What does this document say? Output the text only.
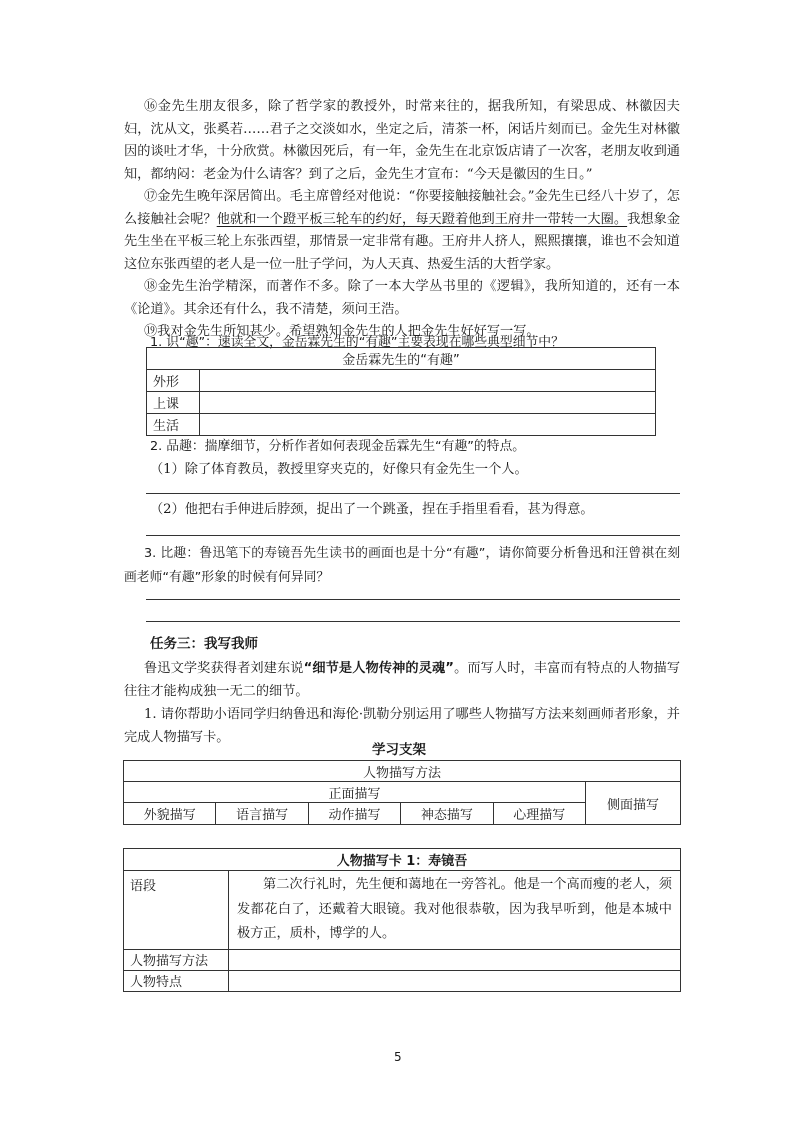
⑯金先生朋友很多，除了哲学家的教授外，时常来往的，据我所知，有梁思成、林徽因夫妇，沈从文，张奚若……君子之交淡如水，坐定之后，清茶一杯，闲话片刻而已。金先生对林徽因的谈吐才华，十分欣赏。林徽因死后，有一年，金先生在北京饭店请了一次客，老朋友收到通知，都纳闷：老金为什么请客？到了之后，金先生才宣布：“今天是徽因的生日。”

⑰金先生晚年深居简出。毛主席曾经对他说：“你要接触接触社会。”金先生已经八十岁了，怎么接触社会呢？他就和一个蹬平板三轮车的约好，每天蹬着他到王府井一带转一大圈。我想象金先生坐在平板三轮上东张西望，那情景一定非常有趣。王府井人挤人，熙熙攘攘，谁也不会知道这位东张西望的老人是一位一肚子学问，为人天真、热爱生活的大哲学家。

⑱金先生治学精深，而著作不多。除了一本大学丛书里的《逻辑》，我所知道的，还有一本《论道》。其余还有什么，我不清楚，须问王浩。

⑲我对金先生所知甚少。希望熟知金先生的人把金先生好好写一写。

1. 识“趣”：速读全文，金岳霖先生的“有趣”主要表现在哪些典型细节中？
金岳霖先生的“有趣”	
外形	
上课	
生活	
2. 品趣：揣摩细节，分析作者如何表现金岳霖先生“有趣”的特点。
（1）除了体育教员，教授里穿夹克的，好像只有金先生一个人。
（2）他把右手伸进后脖颈，捉出了一个跳蚤，捏在手指里看看，甚为得意。

3. 比趣：鲁迅笔下的寿镜吾先生读书的画面也是十分“有趣”，请你简要分析鲁迅和汪曾祺在刻画老师“有趣”形象的时候有何异同？

任务三：我写我师

鲁迅文学奖获得者刘建东说“细节是人物传神的灵魂”。而写人时，丰富而有特点的人物描写往往才能构成独一无二的细节。

1. 请你帮助小语同学归纳鲁迅和海伦·凯勒分别运用了哪些人物描写方法来刻画师者形象，并完成人物描写卡。

学习支架
人物描写方法					
正面描写					侧面描写
外貌描写	语言描写	动作描写	神态描写	心理描写	
人物描写卡 1：寿镜吾	
语段	第二次行礼时，先生便和蔼地在一旁答礼。他是一个高而瘦的老人，须发都花白了，还戴着大眼镜。我对他很恭敬，因为我早听到，他是本城中极方正，质朴，博学的人。

人物描写方法	
人物特点	
5
